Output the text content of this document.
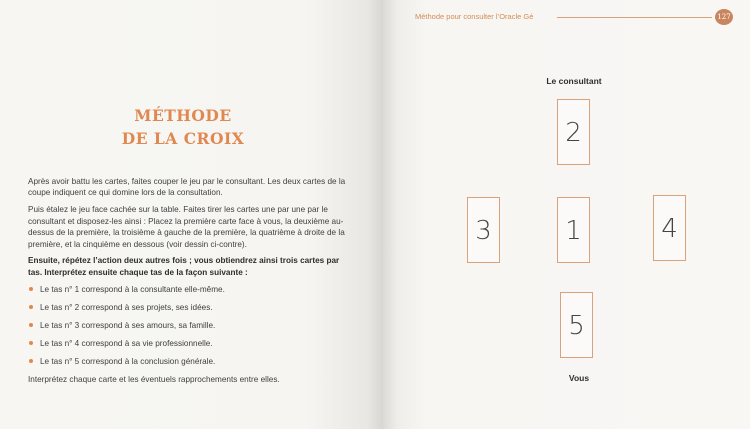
MÉTHODE
DE LA CROIX

Après avoir battu les cartes, faites couper le jeu par le consultant. Les deux cartes de la coupe indiquent ce qui domine lors de la consultation.

Puis étalez le jeu face cachée sur la table. Faites tirer les cartes une par une par le consultant et disposez-les ainsi : Placez la première carte face à vous, la deuxième au-dessus de la première, la troisième à gauche de la première, la quatrième à droite de la première, et la cinquième en dessous (voir dessin ci-contre).

Ensuite, répétez l’action deux autres fois ; vous obtiendrez ainsi trois cartes par tas. Interprétez ensuite chaque tas de la façon suivante :

Le tas n° 1 correspond à la consultante elle-même.
Le tas n° 2 correspond à ses projets, ses idées.
Le tas n° 3 correspond à ses amours, sa famille.
Le tas n° 4 correspond à sa vie professionnelle.
Le tas n° 5 correspond à la conclusion générale.

Interprétez chaque carte et les éventuels rapprochements entre elles.

Méthode pour consulter l’Oracle Gé	127
Le consultant
2
3	1	4
5
Vous
